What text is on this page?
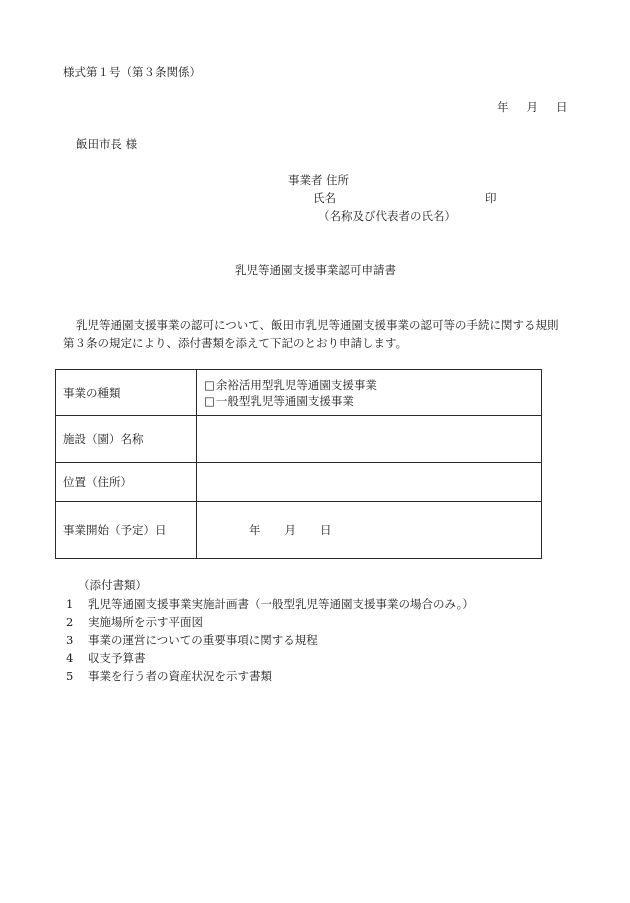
様式第１号（第３条関係）
年 月 日
飯田市長 様
事業者 住所
氏名	印
（名称及び代表者の氏名）
乳児等通園支援事業認可申請書
乳児等通園支援事業の認可について、飯田市乳児等通園支援事業の認可等の手続に関する規則
第３条の規定により、添付書類を添えて下記のとおり申請します。
事業の種類	□余裕活用型乳児等通園支援事業
□一般型乳児等通園支援事業

施設（園）名称	
位置（住所）	
事業開始（予定）日	年 月 日
（添付書類）
1 乳児等通園支援事業実施計画書（一般型乳児等通園支援事業の場合のみ。）
2 実施場所を示す平面図
3 事業の運営についての重要事項に関する規程
4 収支予算書
5 事業を行う者の資産状況を示す書類
